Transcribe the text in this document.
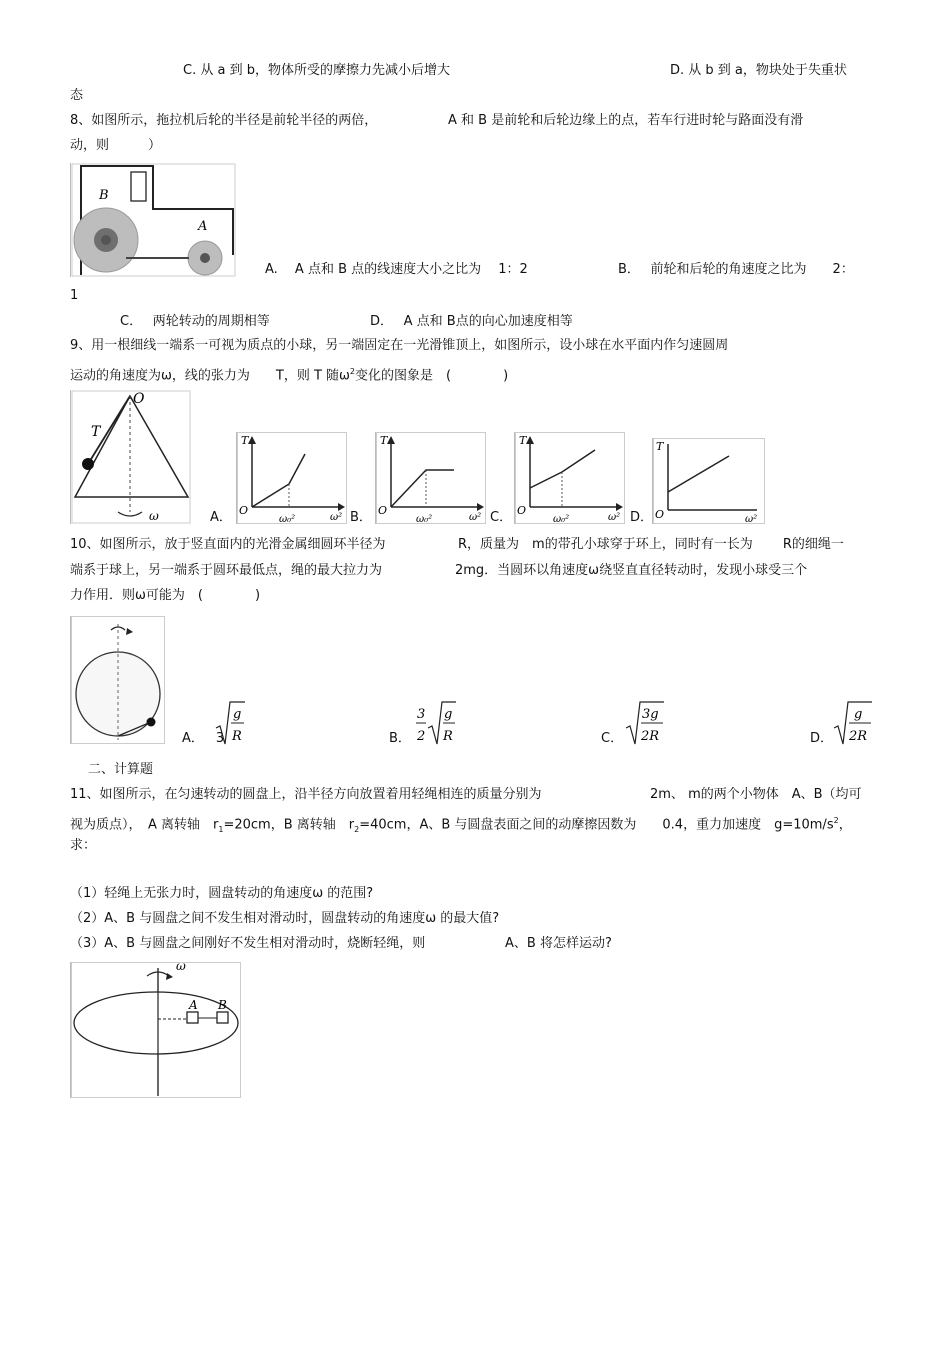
C. 从 a 到 b，物体所受的摩擦力先减小后增大	D. 从 b 到 a，物块处于失重状
态
8、如图所示，拖拉机后轮的半径是前轮半径的两倍，	A 和 B 是前轮和后轮边缘上的点，若车行进时轮与路面没有滑
动，则　　　）
B
A
A.　 A 点和 B 点的线速度大小之比为　 1：2	B．　 前轮和后轮的角速度之比为　　2：
1
C．　 两轮转动的周期相等	D．　 A 点和 B点的向心加速度相等
9、用一根细线一端系一可视为质点的小球，另一端固定在一光滑锥顶上，如图所示，设小球在水平面内作匀速圆周
运动的角速度为ω，线的张力为　　T，则 T 随$\omega^2$变化的图象是　(　　　　)
O
T
ω	A．
T
O
ω₀²	ω² B．
T
O
ω₀²	ω² C．
T
O
ω₀²	ω² D．
T
O	ω²
10、如图所示，放于竖直面内的光滑金属细圆环半径为	R，质量为　m的带孔小球穿于环上，同时有一长为　　 R的细绳一
端系于球上，另一端系于圆环最低点，绳的最大拉力为	2mg．当圆环以角速度ω绕竖直直径转动时，发现小球受三个
力作用．则ω可能为　(　　　　)
A． 3
g
R	B．
3
2
g
R	C．
3g
2R	D．
g
2R
二、计算题
11、如图所示，在匀速转动的圆盘上，沿半径方向放置着用轻绳相连的质量分别为	2m、 m的两个小物体　A、B（均可
视为质点），　A 离转轴　$r_1=20cm$，B 离转轴　$r_2=40cm$，A、B 与圆盘表面之间的动摩擦因数为　　0.4，重力加速度　$g=10m/s^2$，
求：
（1）轻绳上无张力时，圆盘转动的角速度ω 的范围?
（2）A、B 与圆盘之间不发生相对滑动时，圆盘转动的角速度ω 的最大值?
（3）A、B 与圆盘之间刚好不发生相对滑动时，烧断轻绳，则	A、B 将怎样运动?
ω
A B
